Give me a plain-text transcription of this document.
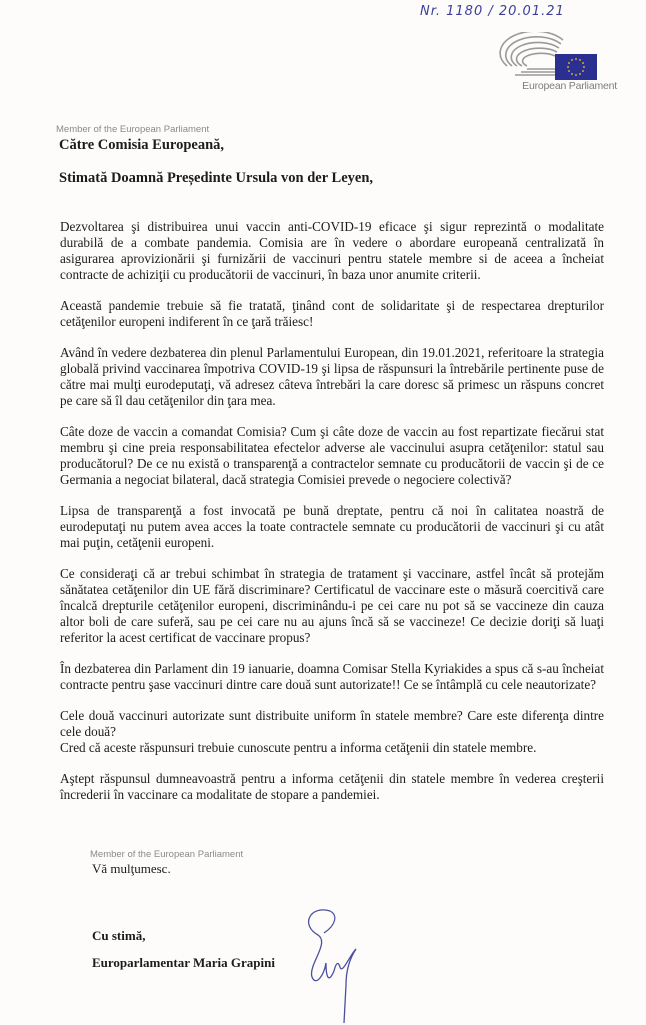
Nr. 1180 / 20.01.21
European Parliament
Member of the European Parliament
Către Comisia Europeană,
Stimată Doamnă Președinte Ursula von der Leyen,

Dezvoltarea şi distribuirea unui vaccin anti-COVID-19 eficace şi sigur reprezintă o modalitate durabilă de a combate pandemia. Comisia are în vedere o abordare europeană centralizată în asigurarea aprovizionării şi furnizării de vaccinuri pentru statele membre si de aceea a încheiat contracte de achiziţii cu producătorii de vaccinuri, în baza unor anumite criterii.

Această pandemie trebuie să fie tratată, ţinând cont de solidaritate şi de respectarea drepturilor cetăţenilor europeni indiferent în ce ţară trăiesc!

Având în vedere dezbaterea din plenul Parlamentului European, din 19.01.2021, referitoare la strategia globală privind vaccinarea împotriva COVID-19 şi lipsa de răspunsuri la întrebările pertinente puse de către mai mulţi eurodeputaţi, vă adresez câteva întrebări la care doresc să primesc un răspuns concret pe care să îl dau cetăţenilor din ţara mea.

Câte doze de vaccin a comandat Comisia? Cum şi câte doze de vaccin au fost repartizate fiecărui stat membru şi cine preia responsabilitatea efectelor adverse ale vaccinului asupra cetăţenilor: statul sau producătorul? De ce nu există o transparenţă a contractelor semnate cu producătorii de vaccin şi de ce Germania a negociat bilateral, dacă strategia Comisiei prevede o negociere colectivă?

Lipsa de transparenţă a fost invocată pe bună dreptate, pentru că noi în calitatea noastră de eurodeputaţi nu putem avea acces la toate contractele semnate cu producătorii de vaccinuri şi cu atât mai puţin, cetăţenii europeni.

Ce consideraţi că ar trebui schimbat în strategia de tratament şi vaccinare, astfel încât să protejăm sănătatea cetăţenilor din UE fără discriminare? Certificatul de vaccinare este o măsură coercitivă care încalcă drepturile cetăţenilor europeni, discriminându-i pe cei care nu pot să se vaccineze din cauza altor boli de care suferă, sau pe cei care nu au ajuns încă să se vaccineze! Ce decizie doriţi să luaţi referitor la acest certificat de vaccinare propus?

În dezbaterea din Parlament din 19 ianuarie, doamna Comisar Stella Kyriakides a spus că s-au încheiat contracte pentru şase vaccinuri dintre care două sunt autorizate!! Ce se întâmplă cu cele neautorizate?

Cele două vaccinuri autorizate sunt distribuite uniform în statele membre? Care este diferenţa dintre cele două?

Cred că aceste răspunsuri trebuie cunoscute pentru a informa cetăţenii din statele membre.

Aştept răspunsul dumneavoastră pentru a informa cetăţenii din statele membre în vederea creşterii încrederii în vaccinare ca modalitate de stopare a pandemiei.

Member of the European Parliament
Vă mulţumesc.
Cu stimă,
Europarlamentar Maria Grapini
